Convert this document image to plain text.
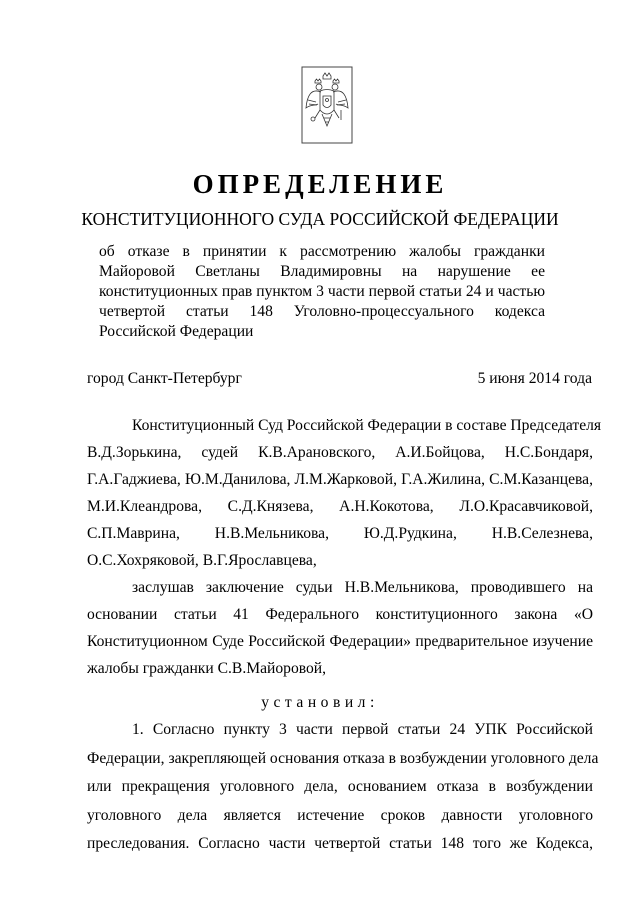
ОПРЕДЕЛЕНИЕ
КОНСТИТУЦИОННОГО СУДА РОССИЙСКОЙ ФЕДЕРАЦИИ
об отказе в принятии к рассмотрению жалобы гражданки
Майоровой Светланы Владимировны на нарушение ее
конституционных прав пунктом 3 части первой статьи 24 и частью
четвертой статьи 148 Уголовно-процессуального кодекса
Российской Федерации
город Санкт-Петербург	5 июня 2014 года
Конституционный Суд Российской Федерации в составе Председателя
В.Д.Зорькина, судей К.В.Арановского, А.И.Бойцова, Н.С.Бондаря,
Г.А.Гаджиева, Ю.М.Данилова, Л.М.Жарковой, Г.А.Жилина, С.М.Казанцева,
М.И.Клеандрова, С.Д.Князева, А.Н.Кокотова, Л.О.Красавчиковой,
С.П.Маврина, Н.В.Мельникова, Ю.Д.Рудкина, Н.В.Селезнева,
О.С.Хохряковой, В.Г.Ярославцева,
заслушав заключение судьи Н.В.Мельникова, проводившего на
основании статьи 41 Федерального конституционного закона «О
Конституционном Суде Российской Федерации» предварительное изучение
жалобы гражданки С.В.Майоровой,
установил:
1. Согласно пункту 3 части первой статьи 24 УПК Российской
Федерации, закрепляющей основания отказа в возбуждении уголовного дела
или прекращения уголовного дела, основанием отказа в возбуждении
уголовного дела является истечение сроков давности уголовного
преследования. Согласно части четвертой статьи 148 того же Кодекса,
